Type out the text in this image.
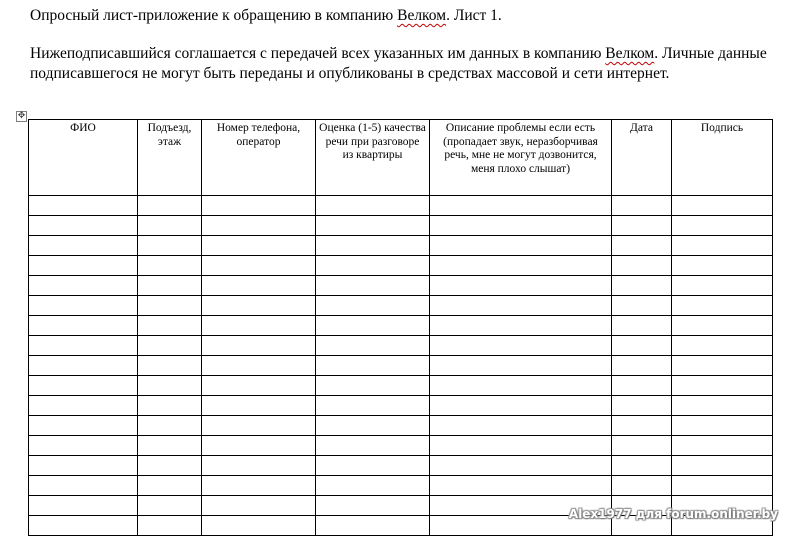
Опросный лист-приложение к обращению в компанию Велком. Лист 1.
Нижеподписавшийся соглашается с передачей всех указанных им данных в компанию Велком. Личные данные подписавшегося не могут быть переданы и опубликованы в средствах массовой и сети интернет.
✥
ФИО	Подъезд, этаж	Номер телефона, оператор	Оценка (1-5) качества речи при разговоре из квартиры	Описание проблемы если есть (пропадает звук, неразборчивая речь, мне не могут дозвонится, меня плохо слышат)	Дата	Подпись

Alex1977 для forum.onliner.by
